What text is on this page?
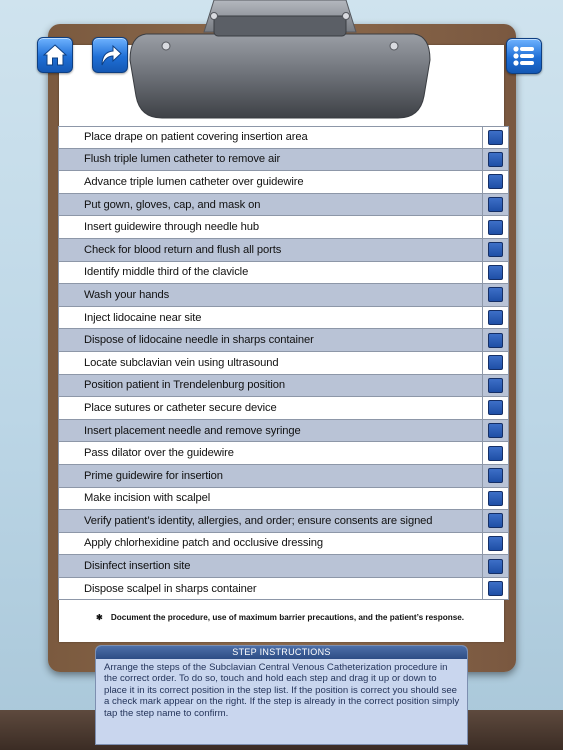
Place drape on patient covering insertion area
Flush triple lumen catheter to remove air
Advance triple lumen catheter over guidewire
Put gown, gloves, cap, and mask on
Insert guidewire through needle hub
Check for blood return and flush all ports
Identify middle third of the clavicle
Wash your hands
Inject lidocaine near site
Dispose of lidocaine needle in sharps container
Locate subclavian vein using ultrasound
Position patient in Trendelenburg position
Place sutures or catheter secure device
Insert placement needle and remove syringe
Pass dilator over the guidewire
Prime guidewire for insertion
Make incision with scalpel
Verify patient’s identity, allergies, and order; ensure consents are signed
Apply chlorhexidine patch and occlusive dressing
Disinfect insertion site
Dispose scalpel in sharps container
✱ Document the procedure, use of maximum barrier precautions, and the patient’s response.
STEP INSTRUCTIONS
Arrange the steps of the Subclavian Central Venous Catheterization procedure in the correct order. To do so, touch and hold each step and drag it up or down to place it in its correct position in the step list. If the position is correct you should see a check mark appear on the right. If the step is already in the correct position simply tap the step name to confirm.
